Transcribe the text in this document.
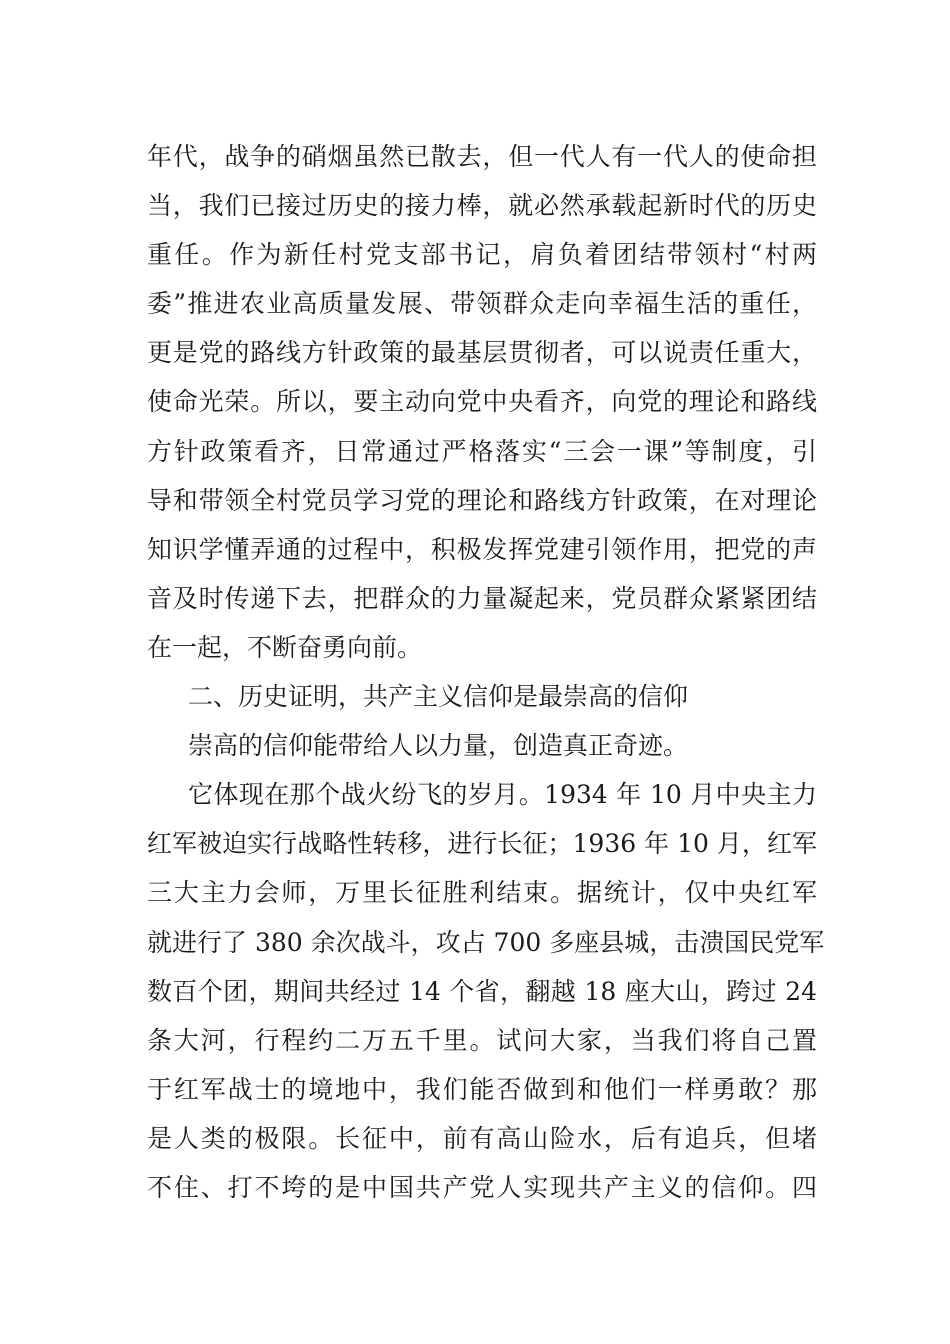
年代，战争的硝烟虽然已散去，但一代人有一代人的使命担
当，我们已接过历史的接力棒，就必然承载起新时代的历史
重任。作为新任村党支部书记，肩负着团结带领村“村两
委”推进农业高质量发展、带领群众走向幸福生活的重任，
更是党的路线方针政策的最基层贯彻者，可以说责任重大，
使命光荣。所以，要主动向党中央看齐，向党的理论和路线
方针政策看齐，日常通过严格落实“三会一课”等制度，引
导和带领全村党员学习党的理论和路线方针政策，在对理论
知识学懂弄通的过程中，积极发挥党建引领作用，把党的声
音及时传递下去，把群众的力量凝起来，党员群众紧紧团结
在一起，不断奋勇向前。
二、历史证明，共产主义信仰是最崇高的信仰
崇高的信仰能带给人以力量，创造真正奇迹。
它体现在那个战火纷飞的岁月。1934 年 10 月中央主力
红军被迫实行战略性转移，进行长征；1936 年 10 月，红军
三大主力会师，万里长征胜利结束。据统计，仅中央红军
就进行了 380 余次战斗，攻占 700 多座县城，击溃国民党军
数百个团，期间共经过 14 个省，翻越 18 座大山，跨过 24
条大河，行程约二万五千里。试问大家，当我们将自己置
于红军战士的境地中，我们能否做到和他们一样勇敢？那
是人类的极限。长征中，前有高山险水，后有追兵，但堵
不住、打不垮的是中国共产党人实现共产主义的信仰。四
